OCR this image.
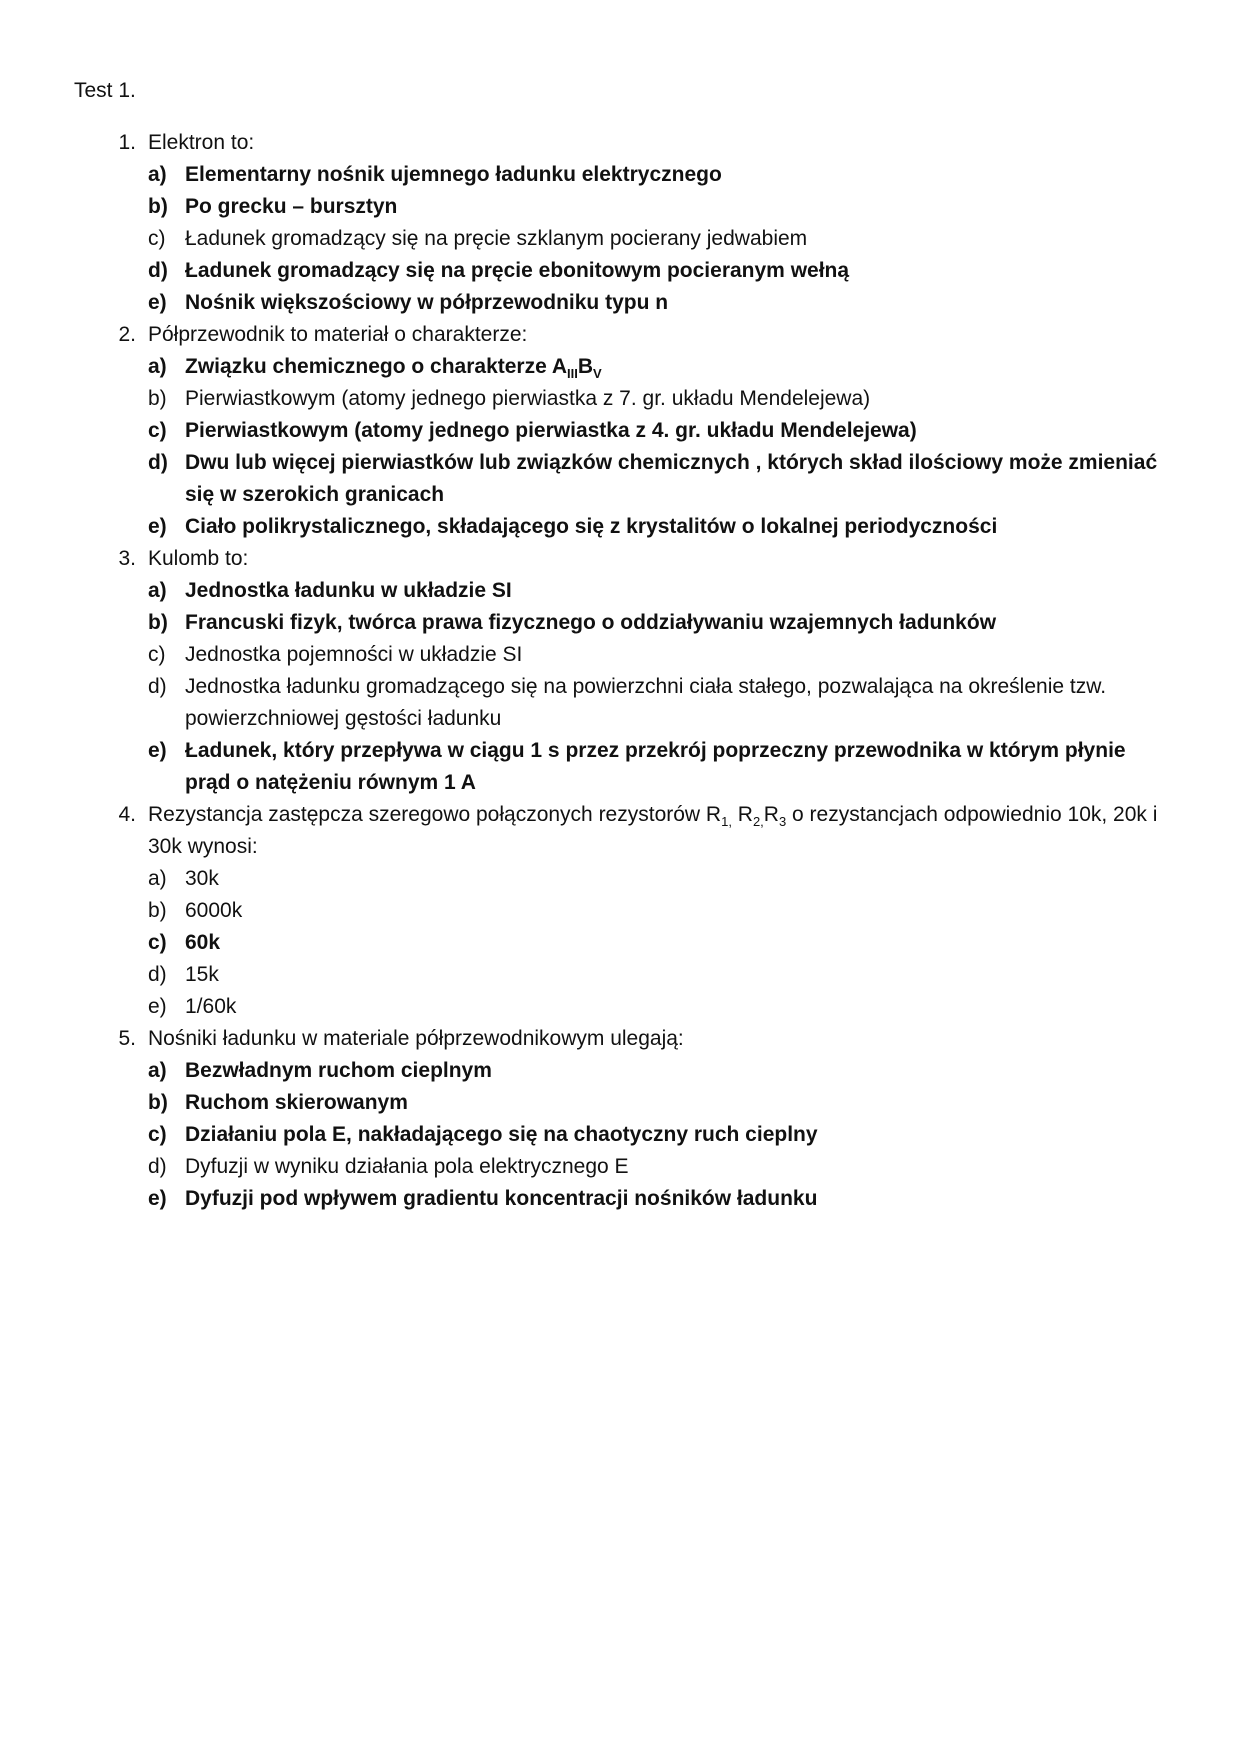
Test 1.
1. Elektron to:
a) Elementarny nośnik ujemnego ładunku elektrycznego
b) Po grecku – bursztyn
c) Ładunek gromadzący się na pręcie szklanym pocierany jedwabiem
d) Ładunek gromadzący się na pręcie ebonitowym pocieranym wełną
e) Nośnik większościowy w półprzewodniku typu n
2. Półprzewodnik to materiał o charakterze:
a) Związku chemicznego o charakterze $A_{III}B_V$
b) Pierwiastkowym (atomy jednego pierwiastka z 7. gr. układu Mendelejewa)
c) Pierwiastkowym (atomy jednego pierwiastka z 4. gr. układu Mendelejewa)
d) Dwu lub więcej pierwiastków lub związków chemicznych , których skład ilościowy może zmieniać się w szerokich granicach
e) Ciało polikrystalicznego, składającego się z krystalitów o lokalnej periodyczności
3. Kulomb to:
a) Jednostka ładunku w układzie SI
b) Francuski fizyk, twórca prawa fizycznego o oddziaływaniu wzajemnych ładunków
c) Jednostka pojemności w układzie SI
d) Jednostka ładunku gromadzącego się na powierzchni ciała stałego, pozwalająca na określenie tzw. powierzchniowej gęstości ładunku
e) Ładunek, który przepływa w ciągu 1 s przez przekrój poprzeczny przewodnika w którym płynie prąd o natężeniu równym 1 A
4. Rezystancja zastępcza szeregowo połączonych rezystorów $R_{1,}$ $R_{2,}R_3$ o rezystancjach odpowiednio 10k, 20k i 30k wynosi:
a) 30k
b) 6000k
c) 60k
d) 15k
e) 1/60k
5. Nośniki ładunku w materiale półprzewodnikowym ulegają:
a) Bezwładnym ruchom cieplnym
b) Ruchom skierowanym
c) Działaniu pola E, nakładającego się na chaotyczny ruch cieplny
d) Dyfuzji w wyniku działania pola elektrycznego E
e) Dyfuzji pod wpływem gradientu koncentracji nośników ładunku
